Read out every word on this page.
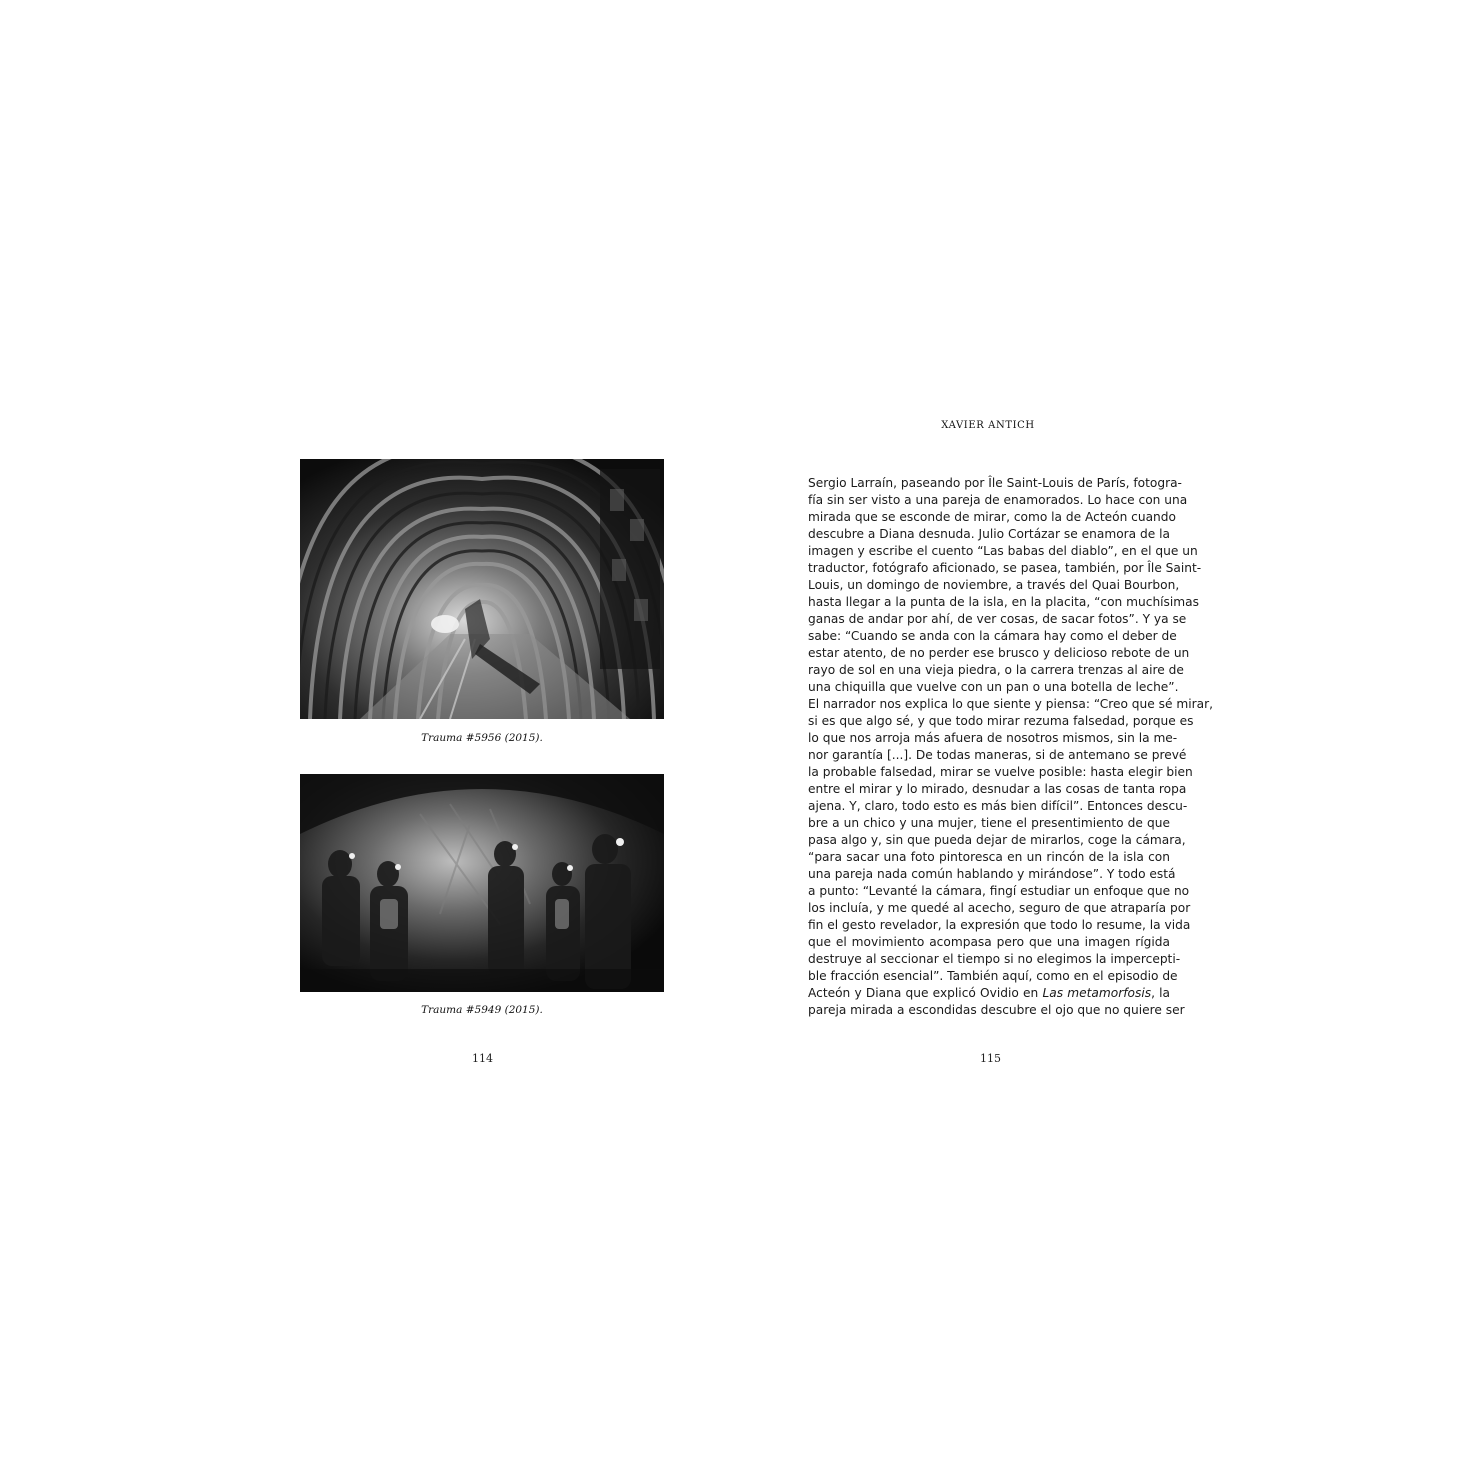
Trauma #5956 (2015).

Trauma #5949 (2015).

114

XAVIER ANTICH

Sergio Larraín, paseando por Île Saint-Louis de París, fotogra-
fía sin ser visto a una pareja de enamorados. Lo hace con una
mirada que se esconde de mirar, como la de Acteón cuando
descubre a Diana desnuda. Julio Cortázar se enamora de la
imagen y escribe el cuento “Las babas del diablo”, en el que un
traductor, fotógrafo aficionado, se pasea, también, por Île Saint-
Louis, un domingo de noviembre, a través del Quai Bourbon,
hasta llegar a la punta de la isla, en la placita, “con muchísimas
ganas de andar por ahí, de ver cosas, de sacar fotos”. Y ya se
sabe: “Cuando se anda con la cámara hay como el deber de
estar atento, de no perder ese brusco y delicioso rebote de un
rayo de sol en una vieja piedra, o la carrera trenzas al aire de
una chiquilla que vuelve con un pan o una botella de leche”.
El narrador nos explica lo que siente y piensa: “Creo que sé mirar,
si es que algo sé, y que todo mirar rezuma falsedad, porque es
lo que nos arroja más afuera de nosotros mismos, sin la me-
nor garantía [...]. De todas maneras, si de antemano se prevé
la probable falsedad, mirar se vuelve posible: hasta elegir bien
entre el mirar y lo mirado, desnudar a las cosas de tanta ropa
ajena. Y, claro, todo esto es más bien difícil”. Entonces descu-
bre a un chico y una mujer, tiene el presentimiento de que
pasa algo y, sin que pueda dejar de mirarlos, coge la cámara,
“para sacar una foto pintoresca en un rincón de la isla con
una pareja nada común hablando y mirándose”. Y todo está
a punto: “Levanté la cámara, fingí estudiar un enfoque que no
los incluía, y me quedé al acecho, seguro de que atraparía por
fin el gesto revelador, la expresión que todo lo resume, la vida
que el movimiento acompasa pero que una imagen rígida
destruye al seccionar el tiempo si no elegimos la impercepti-
ble fracción esencial”. También aquí, como en el episodio de
Acteón y Diana que explicó Ovidio en Las metamorfosis, la
pareja mirada a escondidas descubre el ojo que no quiere ser

115
